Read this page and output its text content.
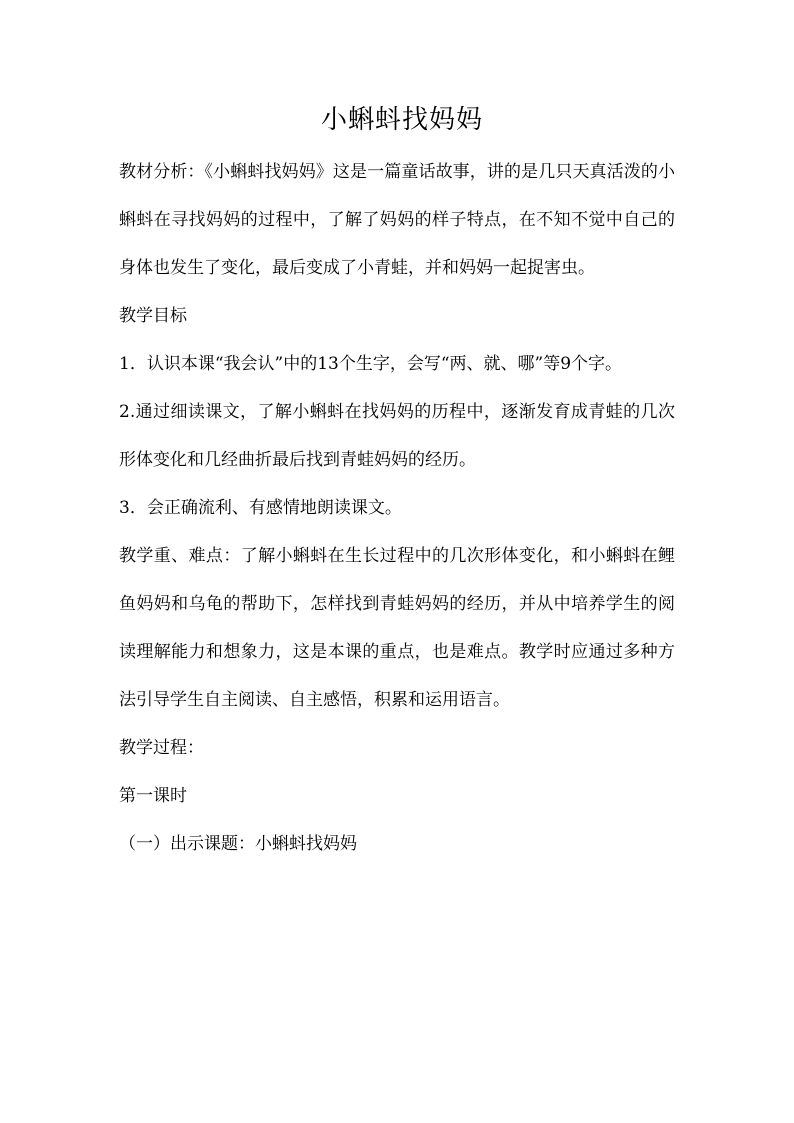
小蝌蚪找妈妈

教材分析：《小蝌蚪找妈妈》这是一篇童话故事，讲的是几只天真活泼的小蝌蚪在寻找妈妈的过程中，了解了妈妈的样子特点，在不知不觉中自己的身体也发生了变化，最后变成了小青蛙，并和妈妈一起捉害虫。

教学目标

1．认识本课“我会认”中的13个生字，会写“两、就、哪”等9个字。

2.通过细读课文，了解小蝌蚪在找妈妈的历程中，逐渐发育成青蛙的几次形体变化和几经曲折最后找到青蛙妈妈的经历。

3．会正确流利、有感情地朗读课文。

教学重、难点：了解小蝌蚪在生长过程中的几次形体变化，和小蝌蚪在鲤鱼妈妈和乌龟的帮助下，怎样找到青蛙妈妈的经历，并从中培养学生的阅读理解能力和想象力，这是本课的重点，也是难点。教学时应通过多种方法引导学生自主阅读、自主感悟，积累和运用语言。

教学过程：

第一课时

（一）出示课题：小蝌蚪找妈妈
